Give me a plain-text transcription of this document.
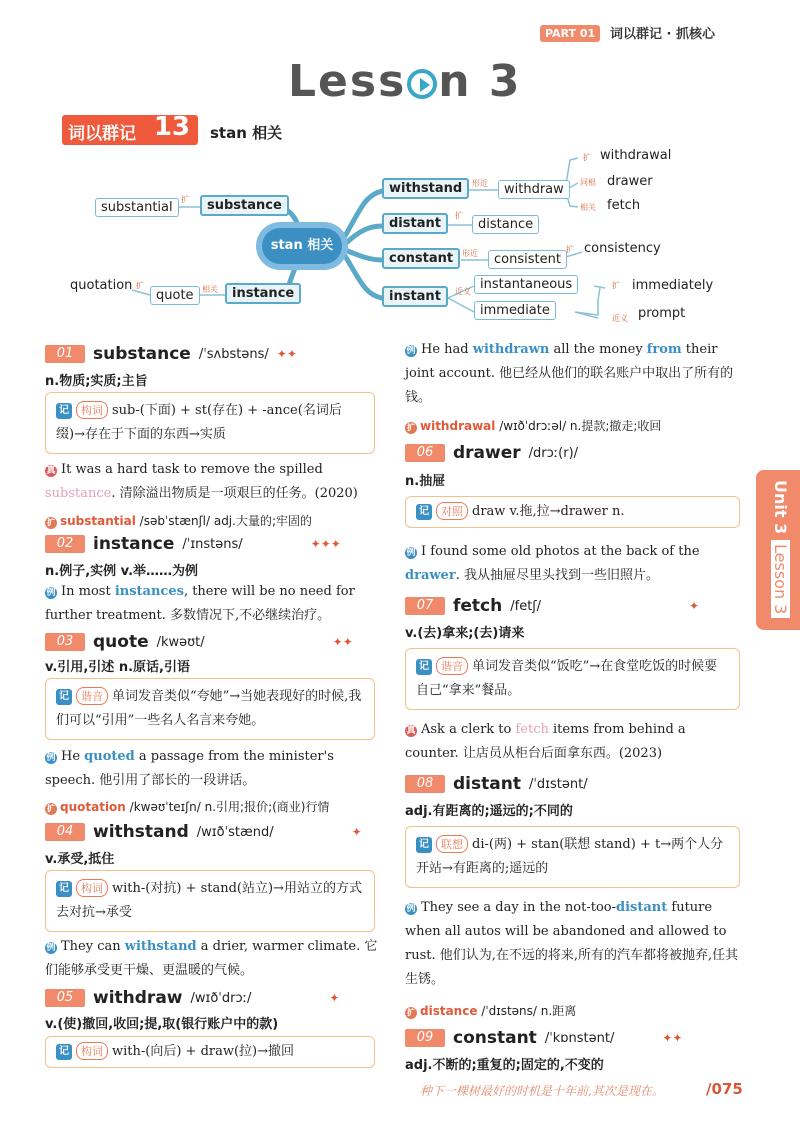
PART 01	词以群记 · 抓核心
Less n 3
词以群记 13 stan 相关
stan 相关
substantial
扩	substance
quotation 扩
quote	相关	instance
withstand	形近	withdraw
扩 withdrawal
同根 drawer
相关 fetch
distant
扩
distance
constant	形近	consistent
扩 consistency
instant	近义 instantaneous
immediate
扩 immediately
近义 prompt
01	substance /ˈsʌbstəns/ ✦✦
n.物质;实质;主旨
记 构词 sub-(下面) + st(存在) + -ance(名词后缀)→存在于下面的东西→实质
真 It was a hard task to remove the spilled substance. 清除溢出物质是一项艰巨的任务。(2020)
扩 substantial /səbˈstænʃl/ adj.大量的;牢固的
02	instance /ˈɪnstəns/	✦✦✦
n.例子,实例 v.举……为例
例 In most instances, there will be no need for further treatment. 多数情况下,不必继续治疗。
03	quote /kwəʊt/	✦✦
v.引用,引述 n.原话,引语
记 谐音 单词发音类似“夸她”→当她表现好的时候,我们可以“引用”一些名人名言来夸她。
例 He quoted a passage from the minister's speech. 他引用了部长的一段讲话。
扩 quotation /kwəʊˈteɪʃn/ n.引用;报价;(商业)行情
04	withstand /wɪðˈstænd/	✦
v.承受,抵住
记 构词 with-(对抗) + stand(站立)→用站立的方式去对抗→承受
例 They can withstand a drier, warmer climate. 它们能够承受更干燥、更温暖的气候。
05	withdraw /wɪðˈdrɔː/	✦
v.(使)撤回,收回;提,取(银行账户中的款)
记 构词 with-(向后) + draw(拉)→撤回
例 He had withdrawn all the money from their joint account. 他已经从他们的联名账户中取出了所有的钱。
扩 withdrawal /wɪðˈdrɔːəl/ n.提款;撤走;收回
06	drawer /drɔː(r)/
n.抽屉
记 对照 draw v.拖,拉→drawer n.
例 I found some old photos at the back of the drawer. 我从抽屉尽里头找到一些旧照片。
07	fetch /fetʃ/	✦
v.(去)拿来;(去)请来
记 谐音 单词发音类似“饭吃”→在食堂吃饭的时候要自己“拿来”餐品。
真 Ask a clerk to fetch items from behind a counter. 让店员从柜台后面拿东西。(2023)
08	distant /ˈdɪstənt/
adj.有距离的;遥远的;不同的
记 联想 di-(两) + stan(联想 stand) + t→两个人分开站→有距离的;遥远的
例 They see a day in the not-too-distant future when all autos will be abandoned and allowed to rust. 他们认为,在不远的将来,所有的汽车都将被抛弃,任其生锈。
扩 distance /ˈdɪstəns/ n.距离
09	constant /ˈkɒnstənt/	✦✦
adj.不断的;重复的;固定的,不变的
Unit 3 Lesson 3
种下一棵树最好的时机是十年前,其次是现在。	/075
